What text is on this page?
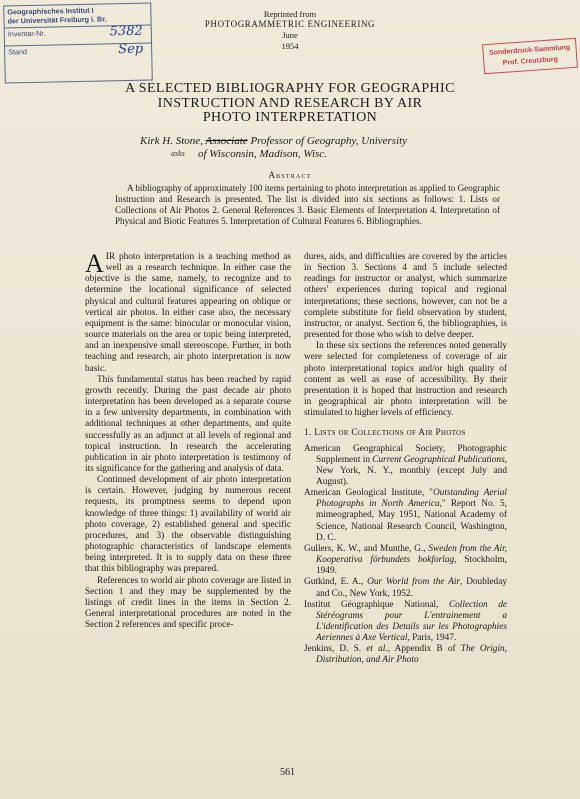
Geographisches Institut I
der Universität Freiburg i. Br.
Inventar-Nr.	5382
Stand	Sep	Sonderdruck-Sammlung
Prof. Creutzburg
Reprinted from
PHOTOGRAMMETRIC ENGINEERING
June
1954
A SELECTED BIBLIOGRAPHY FOR GEOGRAPHIC
INSTRUCTION AND RESEARCH BY AIR
PHOTO INTERPRETATION
Kirk H. Stone, Associate Professor of Geography, University

asks of Wisconsin, Madison, Wisc.
Abstract
A bibliography of approximately 100 items pertaining to photo interpretation as applied to Geographic Instruction and Research is presented. The list is divided into six sections as follows: 1. Lists or Collections of Air Photos 2. General References 3. Basic Elements of Interpretation 4. Interpretation of Physical and Biotic Features 5. Interpretation of Cultural Features 6. Bibliographies.

AIR photo interpretation is a teaching method as well as a research technique. In either case the objective is the same, namely, to recognize and to determine the locational significance of selected physical and cultural features appearing on oblique or vertical air photos. In either case also, the necessary equipment is the same: binocular or monocular vision, source materials on the area or topic being interpreted, and an inexpensive small stereoscope. Further, in both teaching and research, air photo interpretation is now basic.

This fundamental status has been reached by rapid growth recently. During the past decade air photo interpretation has been developed as a separate course in a few university departments, in combination with additional techniques at other departments, and quite successfully as an adjunct at all levels of regional and topical instruction. In research the accelerating publication in air photo interpretation is testimony of its significance for the gathering and analysis of data.

Continued development of air photo interpretation is certain. However, judging by numerous recent requests, its promptness seems to depend upon knowledge of three things: 1) availability of world air photo coverage, 2) established general and specific procedures, and 3) the observable distinguishing photographic characteristics of landscape elements being interpreted. It is to supply data on these three that this bibliography was prepared.

References to world air photo coverage are listed in Section 1 and they may be supplemented by the listings of credit lines in the items in Section 2. General interpretational procedures are noted in the Section 2 references and specific proce-

dures, aids, and difficulties are covered by the articles in Section 3. Sections 4 and 5 include selected readings for instructor or analyst, which summarize others' experiences during topical and regional interpretations; these sections, however, can not be a complete substitute for field observation by student, instructor, or analyst. Section 6, the bibliographies, is presented for those who wish to delve deeper.

In these six sections the references noted generally were selected for completeness of coverage of air photo interpretational topics and/or high quality of content as well as ease of accessibility. By their presentation it is hoped that instruction and research in geographical air photo interpretation will be stimulated to higher levels of efficiency.

1. Lists or Collections of Air Photos

American Geographical Society, Photographic Supplement in Current Geographical Publications, New York, N. Y., monthly (except July and August).

American Geological Institute, "Outstanding Aerial Photographs in North America," Report No. 5, mimeographed, May 1951, National Academy of Science, National Research Council, Washington, D. C.

Gullers, K. W., and Munthe, G., Sweden from the Air, Kooperativa förbundets bokforlag, Stockholm, 1949.

Gutkind, E. A., Our World from the Air, Doubleday and Co., New York, 1952.

Institut Géographique National, Collection de Stéréograms pour L'entrainement a L'identification des Details sur les Photographies Aeriennes à Axe Vertical, Paris, 1947.

Jenkins, D. S. et al., Appendix B of The Origin, Distribution, and Air Photo

561
